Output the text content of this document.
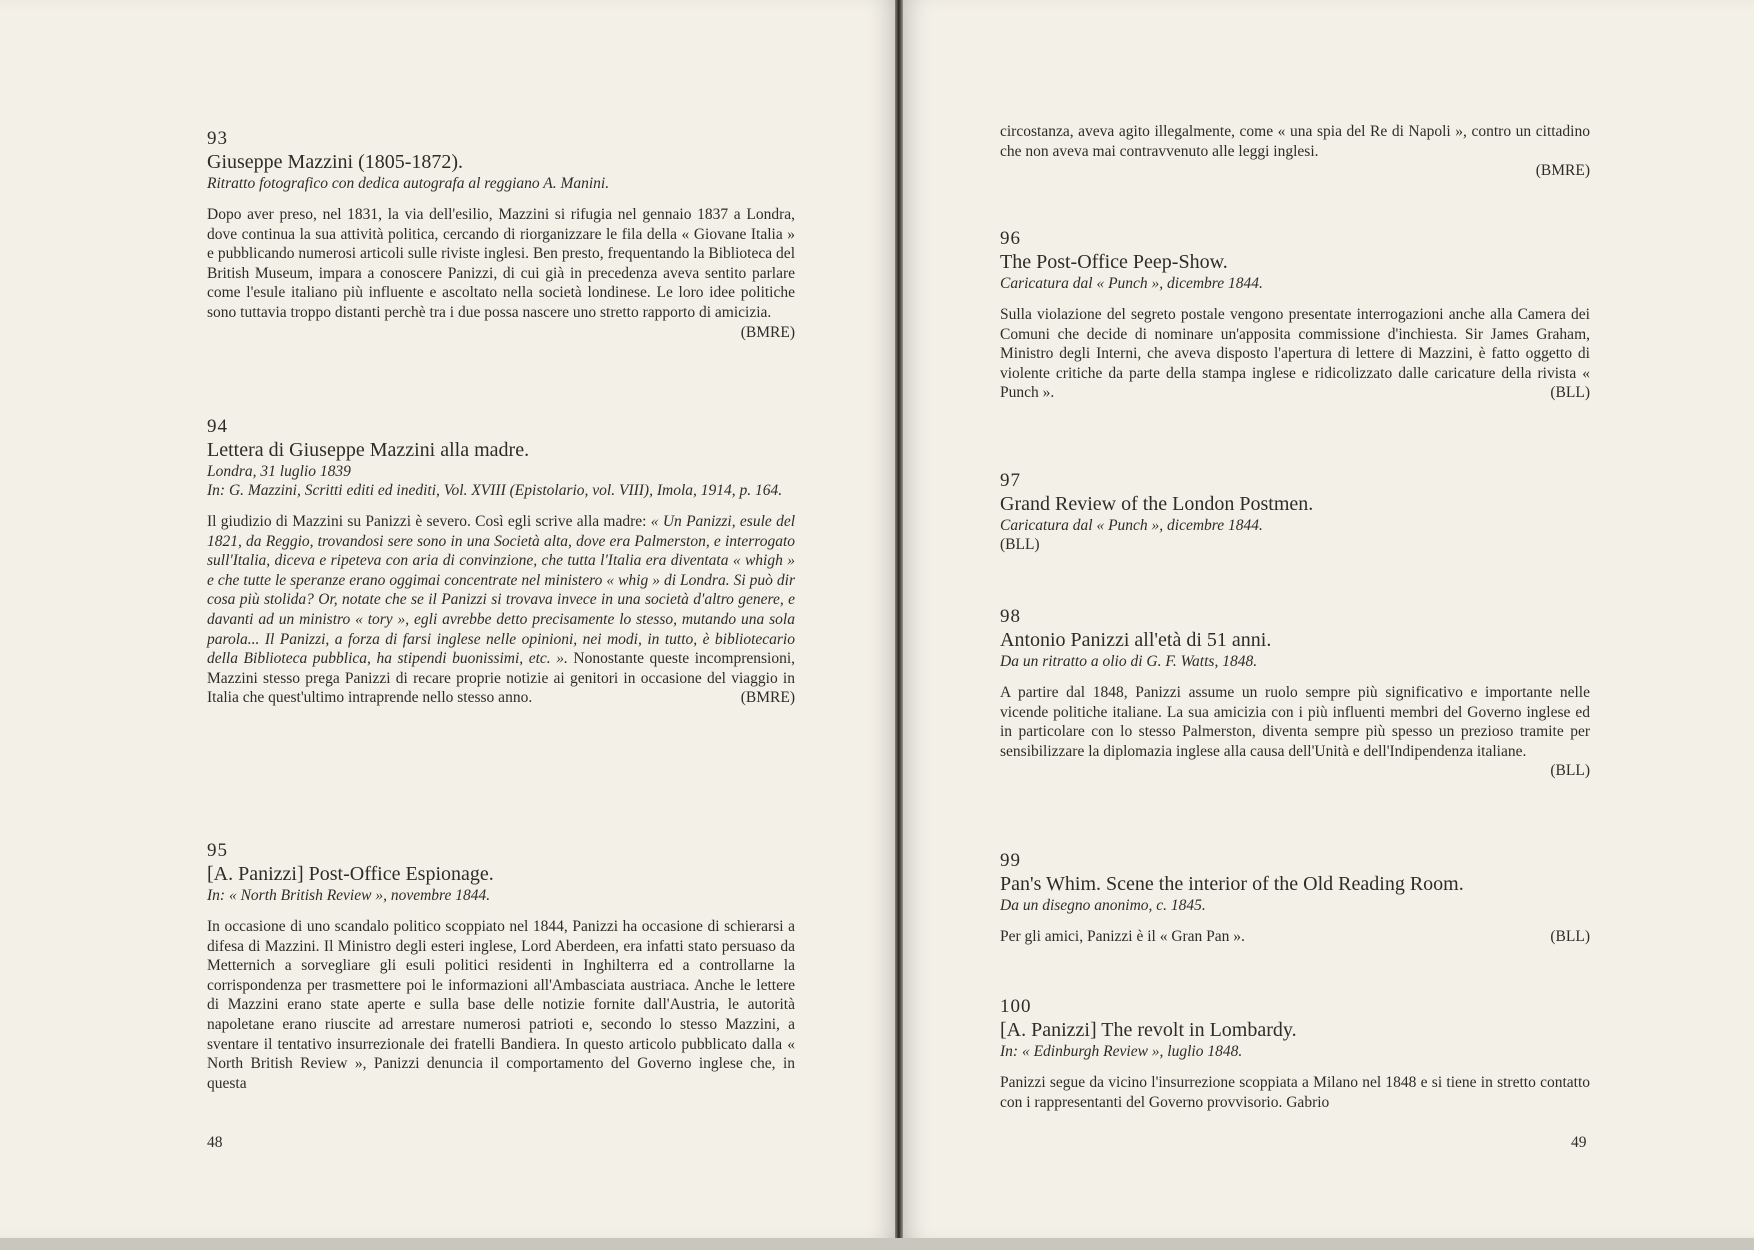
93

Giuseppe Mazzini (1805-1872).

Ritratto fotografico con dedica autografa al reggiano A. Manini.

Dopo aver preso, nel 1831, la via dell'esilio, Mazzini si rifugia nel gennaio 1837 a Londra, dove continua la sua attività politica, cercando di riorganizzare le fila della « Giovane Italia » e pubblicando numerosi articoli sulle riviste inglesi. Ben presto, frequentando la Biblioteca del British Museum, impara a conoscere Panizzi, di cui già in precedenza aveva sentito parlare come l'esule italiano più influente e ascoltato nella società londinese. Le loro idee politiche sono tuttavia troppo distanti perchè tra i due possa nascere uno stretto rapporto di amicizia.
(BMRE)

94

Lettera di Giuseppe Mazzini alla madre.

Londra, 31 luglio 1839

In: G. Mazzini, Scritti editi ed inediti, Vol. XVIII (Epistolario, vol. VIII), Imola, 1914, p. 164.

Il giudizio di Mazzini su Panizzi è severo. Così egli scrive alla madre: « Un Panizzi, esule del 1821, da Reggio, trovandosi sere sono in una Società alta, dove era Palmerston, e interrogato sull'Italia, diceva e ripeteva con aria di convinzione, che tutta l'Italia era diventata « whigh » e che tutte le speranze erano oggimai concentrate nel ministero « whig » di Londra. Si può dir cosa più stolida? Or, notate che se il Panizzi si trovava invece in una società d'altro genere, e davanti ad un ministro « tory », egli avrebbe detto precisamente lo stesso, mutando una sola parola... Il Panizzi, a forza di farsi inglese nelle opinioni, nei modi, in tutto, è bibliotecario della Biblioteca pubblica, ha stipendi buonissimi, etc. ». Nonostante queste incomprensioni, Mazzini stesso prega Panizzi di recare proprie notizie ai genitori in occasione del viaggio in Italia che quest'ultimo intraprende nello stesso anno.	(BMRE)

95

[A. Panizzi] Post-Office Espionage.

In: « North British Review », novembre 1844.

In occasione di uno scandalo politico scoppiato nel 1844, Panizzi ha occasione di schierarsi a difesa di Mazzini. Il Ministro degli esteri inglese, Lord Aberdeen, era infatti stato persuaso da Metternich a sorvegliare gli esuli politici residenti in Inghilterra ed a controllarne la corrispondenza per trasmettere poi le informazioni all'Ambasciata austriaca. Anche le lettere di Mazzini erano state aperte e sulla base delle notizie fornite dall'Austria, le autorità napoletane erano riuscite ad arrestare numerosi patrioti e, secondo lo stesso Mazzini, a sventare il tentativo insurrezionale dei fratelli Bandiera. In questo articolo pubblicato dalla « North British Review », Panizzi denuncia il comportamento del Governo inglese che, in questa

48

circostanza, aveva agito illegalmente, come « una spia del Re di Napoli », contro un cittadino che non aveva mai contravvenuto alle leggi inglesi.

(BMRE)

96

The Post-Office Peep-Show.

Caricatura dal « Punch », dicembre 1844.

Sulla violazione del segreto postale vengono presentate interrogazioni anche alla Camera dei Comuni che decide di nominare un'apposita commissione d'inchiesta. Sir James Graham, Ministro degli Interni, che aveva disposto l'apertura di lettere di Mazzini, è fatto oggetto di violente critiche da parte della stampa inglese e ridicolizzato dalle caricature della rivista « Punch ».	(BLL)

97

Grand Review of the London Postmen.

Caricatura dal « Punch », dicembre 1844.

(BLL)

98

Antonio Panizzi all'età di 51 anni.

Da un ritratto a olio di G. F. Watts, 1848.

A partire dal 1848, Panizzi assume un ruolo sempre più significativo e importante nelle vicende politiche italiane. La sua amicizia con i più influenti membri del Governo inglese ed in particolare con lo stesso Palmerston, diventa sempre più spesso un prezioso tramite per sensibilizzare la diplomazia inglese alla causa dell'Unità e dell'Indipendenza italiane.

(BLL)

99

Pan's Whim. Scene the interior of the Old Reading Room.

Da un disegno anonimo, c. 1845.

Per gli amici, Panizzi è il « Gran Pan ».	(BLL)

100

[A. Panizzi] The revolt in Lombardy.

In: « Edinburgh Review », luglio 1848.

Panizzi segue da vicino l'insurrezione scoppiata a Milano nel 1848 e si tiene in stretto contatto con i rappresentanti del Governo provvisorio. Gabrio

49
